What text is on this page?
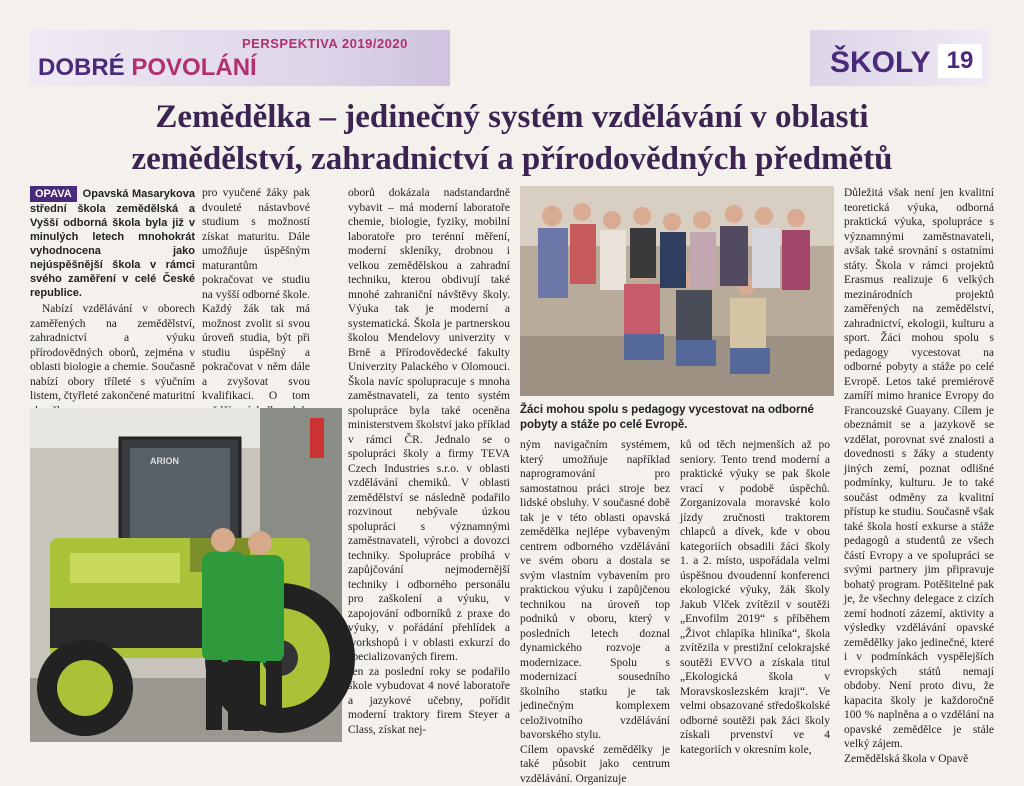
PERSPEKTIVA 2019/2020
DOBRÉ POVOLÁNÍ	ŠKOLY 19
Zemědělka – jedinečný systém vzdělávání v oblasti
zemědělství, zahradnictví a přírodovědných předmětů

OPAVA Opavská Masarykova střední škola zemědělská a Vyšší odborná škola byla již v minulých letech mnohokrát vyhodnocena jako nejúspěšnější škola v rámci svého zaměření v celé České republice.

Nabízí vzdělávání v oborech zaměřených na zemědělství, zahradnictví a výuku přírodovědných oborů, zejména v oblasti biologie a chemie. Současně nabízí obory tříleté s výučním listem, čtyřleté zakončené maturitní

pro vyučené žáky pak dvouleté nástavbové studium s možností získat maturitu. Dále umožňuje úspěšným maturantům pokračovat ve studiu na vyšší odborné škole. Každý žák tak má možnost zvolit si svou úroveň studia, být při studiu úspěšný a pokračovat v něm dále a zvyšovat svou kvalifikaci. O tom

ARION
oborů dokázala nadstandardně vybavit – má moderní laboratoře chemie, biologie, fyziky, mobilní laboratoře pro terénní měření, moderní skleníky, drobnou i velkou zemědělskou a zahradní techniku, kterou obdivují také mnohé zahraniční návštěvy školy. Výuka tak je moderní a systematická. Škola je partnerskou školou Mendelovy univerzity v Brně a Přírodovědecké fakulty Univerzity Palackého v Olomouci. Škola navíc spolupracuje s mnoha zaměstnavateli, za tento systém spolupráce byla také oceněna ministerstvem školství jako příklad v rámci ČR. Jednalo se o spolupráci školy a firmy TEVA Czech Industries s.r.o. v oblasti vzdělávání chemiků. V oblasti zemědělství se následně podařilo rozvinout nebývale úzkou spolupráci s významnými zaměstnavateli, výrobci a dovozci techniky. Spolupráce probíhá v zapůjčování nejmodernější techniky i odborného personálu pro zaškolení a výuku, v zapojování odborníků z praxe do výuky, v pořádání přehlídek a workshopů i v oblasti exkurzí do specializovaných firem.
Jen za poslední roky se podařilo škole vybudovat 4 nové laboratoře a jazykové učebny, pořídit moderní traktory firem Steyer a Class, získat nej-
Žáci mohou spolu s pedagogy vycestovat na odborné pobyty a stáže po celé Evropě.
ným navigačním systémem, který umožňuje například naprogramování pro samostatnou práci stroje bez lidské obsluhy. V současné době tak je v této oblasti opavská zemědělka nejlépe vybaveným centrem odborného vzdělávání ve svém oboru a dostala se svým vlastním vybavením pro praktickou výuku i zapůjčenou technikou na úroveň top podniků v oboru, který v posledních letech doznal dynamického rozvoje a modernizace. Spolu s modernizací sousedního školního statku je tak jedinečným komplexem celoživotního vzdělávání bavorského stylu.
Cílem opavské zemědělky je také působit jako centrum vzdělávání. Organizuje
ků od těch nejmenších až po seniory. Tento trend moderní a praktické výuky se pak škole vrací v podobě úspěchů. Zorganizovala moravské kolo jízdy zručnosti traktorem chlapců a dívek, kde v obou kategoriích obsadili žáci školy 1. a 2. místo, uspořádala velmi úspěšnou dvoudenní konferenci ekologické výuky, žák školy Jakub Vlček zvítězil v soutěži „Envofilm 2019“ s příběhem „Život chlapíka hliníka“, škola zvítězila v prestižní celokrajské soutěži EVVO a získala titul „Ekologická škola v Moravskoslezském kraji“. Ve velmi obsazované středoškolské odborné soutěži pak žáci školy získali prvenství ve 4 kategoriích v okresním kole,
Důležitá však není jen kvalitní teoretická výuka, odborná praktická výuka, spolupráce s významnými zaměstnavateli, avšak také srovnání s ostatními státy. Škola v rámci projektů Erasmus realizuje 6 velkých mezinárodních projektů zaměřených na zemědělství, zahradnictví, ekologii, kulturu a sport. Žáci mohou spolu s pedagogy vycestovat na odborné pobyty a stáže po celé Evropě. Letos také premiérově zamíří mimo hranice Evropy do Francouzské Guayany. Cílem je obeznámit se a jazykově se vzdělat, porovnat své znalosti a dovednosti s žáky a studenty jiných zemí, poznat odlišné podmínky, kulturu. Je to také součást odměny za kvalitní přístup ke studiu. Současně však také škola hostí exkurse a stáže pedagogů a studentů ze všech částí Evropy a ve spolupráci se svými partnery jim připravuje bohatý program. Potěšitelné pak je, že všechny delegace z cizích zemí hodnotí zázemí, aktivity a výsledky vzdělávání opavské zemědělky jako jedinečné, které i v podmínkách vyspělejších evropských států nemají obdoby. Není proto divu, že kapacita školy je každoročně 100 % naplněna a o vzdělání na opavské zemědělce je stále velký zájem.
Zemědělská škola v Opavě
